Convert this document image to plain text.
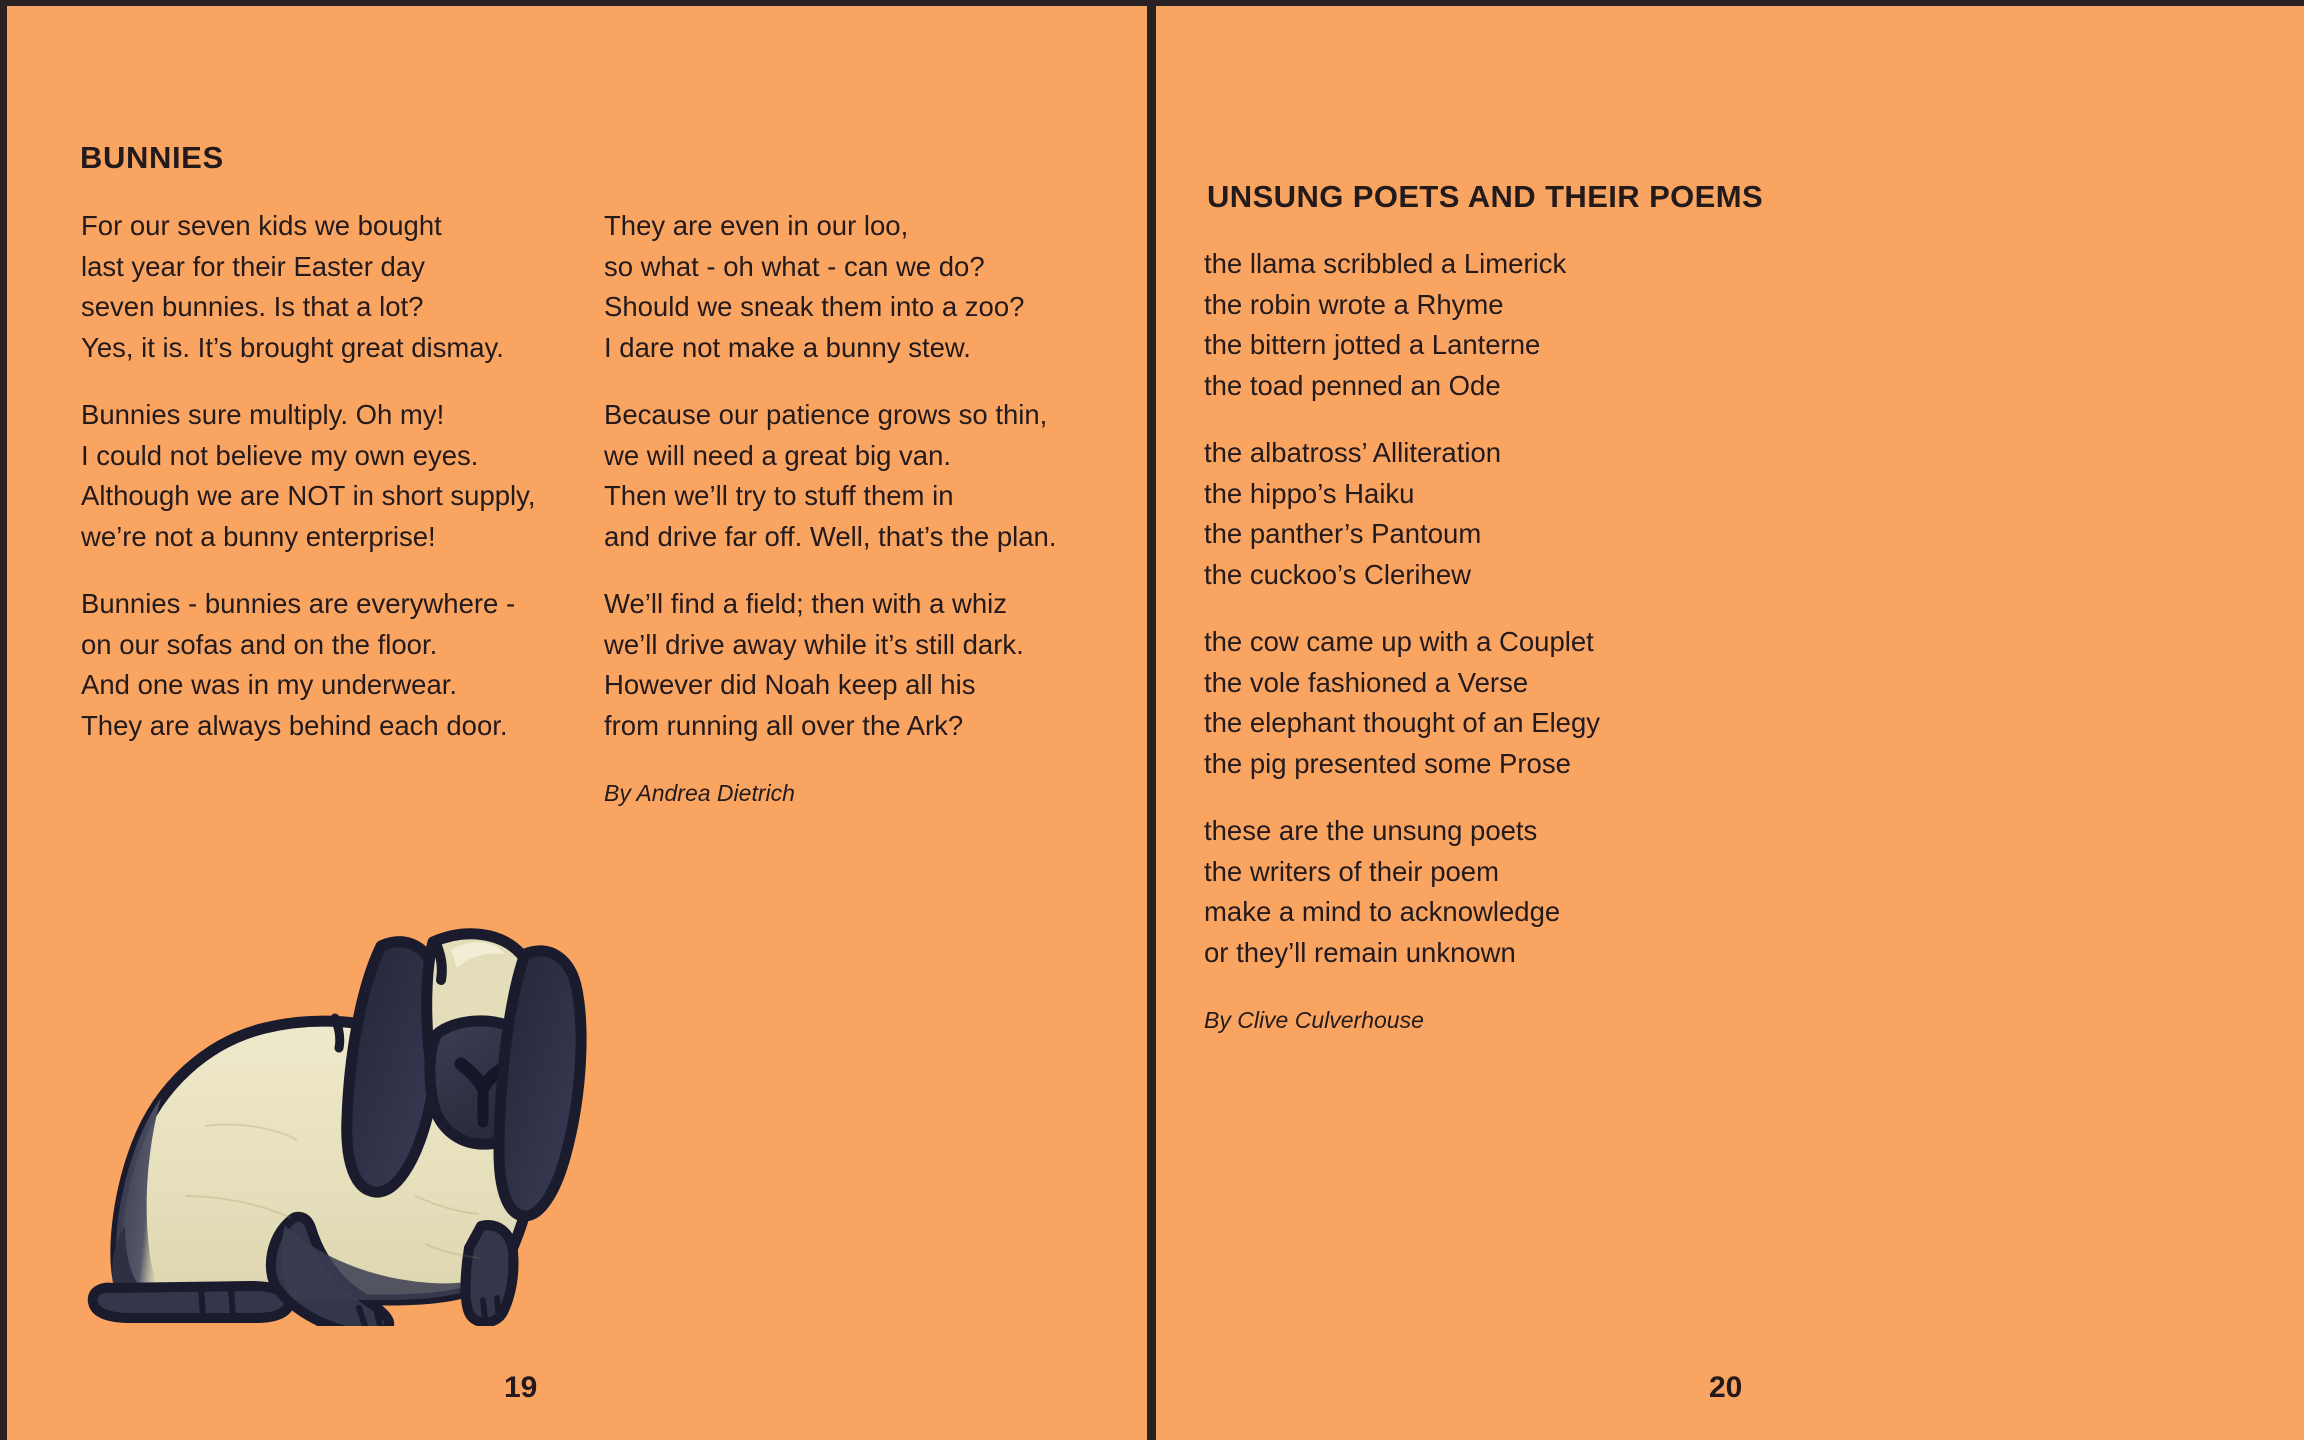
BUNNIES
For our seven kids we bought
last year for their Easter day
seven bunnies. Is that a lot?
Yes, it is. It’s brought great dismay.
Bunnies sure multiply. Oh my!
I could not believe my own eyes.
Although we are NOT in short supply,
we’re not a bunny enterprise!
Bunnies - bunnies are everywhere -
on our sofas and on the floor.
And one was in my underwear.
They are always behind each door.
They are even in our loo,
so what - oh what - can we do?
Should we sneak them into a zoo?
I dare not make a bunny stew.
Because our patience grows so thin,
we will need a great big van.
Then we’ll try to stuff them in
and drive far off. Well, that’s the plan.
We’ll find a field; then with a whiz
we’ll drive away while it’s still dark.
However did Noah keep all his
from running all over the Ark?
By Andrea Dietrich
19
UNSUNG POETS AND THEIR POEMS
the llama scribbled a Limerick
the robin wrote a Rhyme
the bittern jotted a Lanterne
the toad penned an Ode
the albatross’ Alliteration
the hippo’s Haiku
the panther’s Pantoum
the cuckoo’s Clerihew
the cow came up with a Couplet
the vole fashioned a Verse
the elephant thought of an Elegy
the pig presented some Prose
these are the unsung poets
the writers of their poem
make a mind to acknowledge
or they’ll remain unknown
By Clive Culverhouse
20
